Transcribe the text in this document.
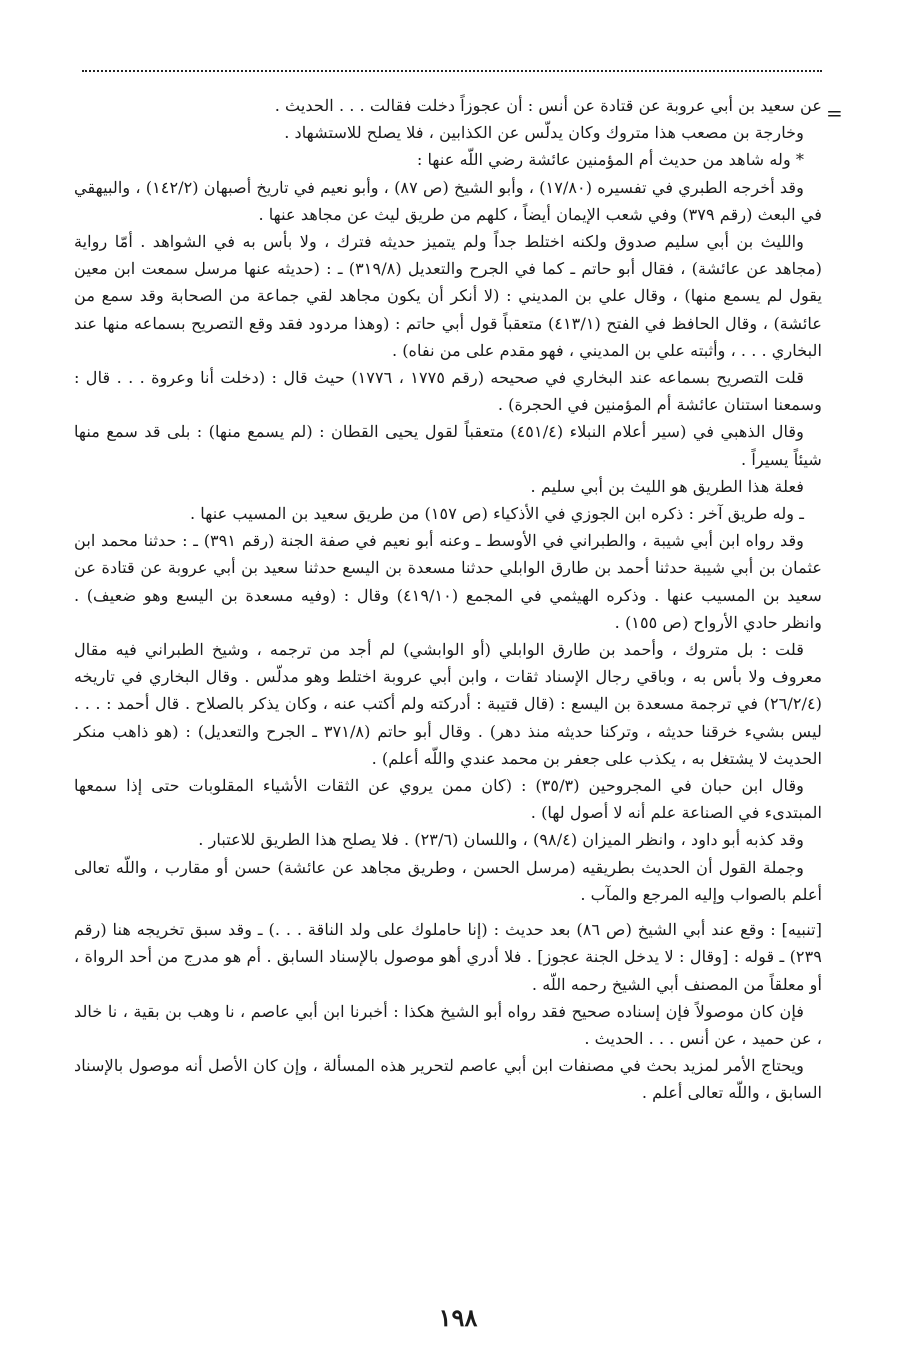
=

عن سعيد بن أبي عروبة عن قتادة عن أنس : أن عجوزاً دخلت فقالت . . . الحديث .

وخارجة بن مصعب هذا متروك وكان يدلّس عن الكذابين ، فلا يصلح للاستشهاد .

* وله شاهد من حديث أم المؤمنين عائشة رضي اللّه عنها :

وقد أخرجه الطبري في تفسيره (١٧/٨٠) ، وأبو الشيخ (ص ٨٧) ، وأبو نعيم في تاريخ أصبهان (١٤٢/٢) ، والبيهقي في البعث (رقم ٣٧٩) وفي شعب الإيمان أيضاً ، كلهم من طريق ليث عن مجاهد عنها .

والليث بن أبي سليم صدوق ولكنه اختلط جداً ولم يتميز حديثه فترك ، ولا بأس به في الشواهد . أمّا رواية (مجاهد عن عائشة) ، فقال أبو حاتم ـ كما في الجرح والتعديل (٣١٩/٨) ـ : (حديثه عنها مرسل سمعت ابن معين يقول لم يسمع منها) ، وقال علي بن المديني : (لا أنكر أن يكون مجاهد لقي جماعة من الصحابة وقد سمع من عائشة) ، وقال الحافظ في الفتح (٤١٣/١) متعقباً قول أبي حاتم : (وهذا مردود فقد وقع التصريح بسماعه منها عند البخاري . . . ، وأثبته علي بن المديني ، فهو مقدم على من نفاه) .

قلت التصريح بسماعه عند البخاري في صحيحه (رقم ١٧٧٥ ، ١٧٧٦) حيث قال : (دخلت أنا وعروة . . . قال : وسمعنا استنان عائشة أم المؤمنين في الحجرة) .

وقال الذهبي في (سير أعلام النبلاء (٤٥١/٤) متعقباً لقول يحيى القطان : (لم يسمع منها) : بلى قد سمع منها شيئاً يسيراً .

فعلة هذا الطريق هو الليث بن أبي سليم .

ـ وله طريق آخر : ذكره ابن الجوزي في الأذكياء (ص ١٥٧) من طريق سعيد بن المسيب عنها .

وقد رواه ابن أبي شيبة ، والطبراني في الأوسط ـ وعنه أبو نعيم في صفة الجنة (رقم ٣٩١) ـ : حدثنا محمد ابن عثمان بن أبي شيبة حدثنا أحمد بن طارق الوابلي حدثنا مسعدة بن اليسع حدثنا سعيد بن أبي عروبة عن قتادة عن سعيد بن المسيب عنها . وذكره الهيثمي في المجمع (٤١٩/١٠) وقال : (وفيه مسعدة بن اليسع وهو ضعيف) . وانظر حادي الأرواح (ص ١٥٥) .

قلت : بل متروك ، وأحمد بن طارق الوابلي (أو الوابشي) لم أجد من ترجمه ، وشيخ الطبراني فيه مقال معروف ولا بأس به ، وباقي رجال الإسناد ثقات ، وابن أبي عروبة اختلط وهو مدلّس . وقال البخاري في تاريخه (٢٦/٢/٤) في ترجمة مسعدة بن اليسع : (قال قتيبة : أدركته ولم أكتب عنه ، وكان يذكر بالصلاح . قال أحمد : . . . ليس بشيء خرقنا حديثه ، وتركنا حديثه منذ دهر) . وقال أبو حاتم (٣٧١/٨ ـ الجرح والتعديل) : (هو ذاهب منكر الحديث لا يشتغل به ، يكذب على جعفر بن محمد عندي واللّه أعلم) .

وقال ابن حبان في المجروحين (٣٥/٣) : (كان ممن يروي عن الثقات الأشياء المقلوبات حتى إذا سمعها المبتدىء في الصناعة علم أنه لا أصول لها) .

وقد كذبه أبو داود ، وانظر الميزان (٩٨/٤) ، واللسان (٢٣/٦) . فلا يصلح هذا الطريق للاعتبار .

وجملة القول أن الحديث بطريقيه (مرسل الحسن ، وطريق مجاهد عن عائشة) حسن أو مقارب ، واللّه تعالى أعلم بالصواب وإليه المرجع والمآب .

[تنبيه] : وقع عند أبي الشيخ (ص ٨٦) بعد حديث : (إنا حاملوك على ولد الناقة . . .) ـ وقد سبق تخريجه هنا (رقم ٢٣٩) ـ قوله : [وقال : لا يدخل الجنة عجوز] . فلا أدري أهو موصول بالإسناد السابق . أم هو مدرج من أحد الرواة ، أو معلقاً من المصنف أبي الشيخ رحمه اللّه .

فإن كان موصولاً فإن إسناده صحيح فقد رواه أبو الشيخ هكذا : أخبرنا ابن أبي عاصم ، نا وهب بن بقية ، نا خالد ، عن حميد ، عن أنس . . . الحديث .

ويحتاج الأمر لمزيد بحث في مصنفات ابن أبي عاصم لتحرير هذه المسألة ، وإن كان الأصل أنه موصول بالإسناد السابق ، واللّه تعالى أعلم .

١٩٨
